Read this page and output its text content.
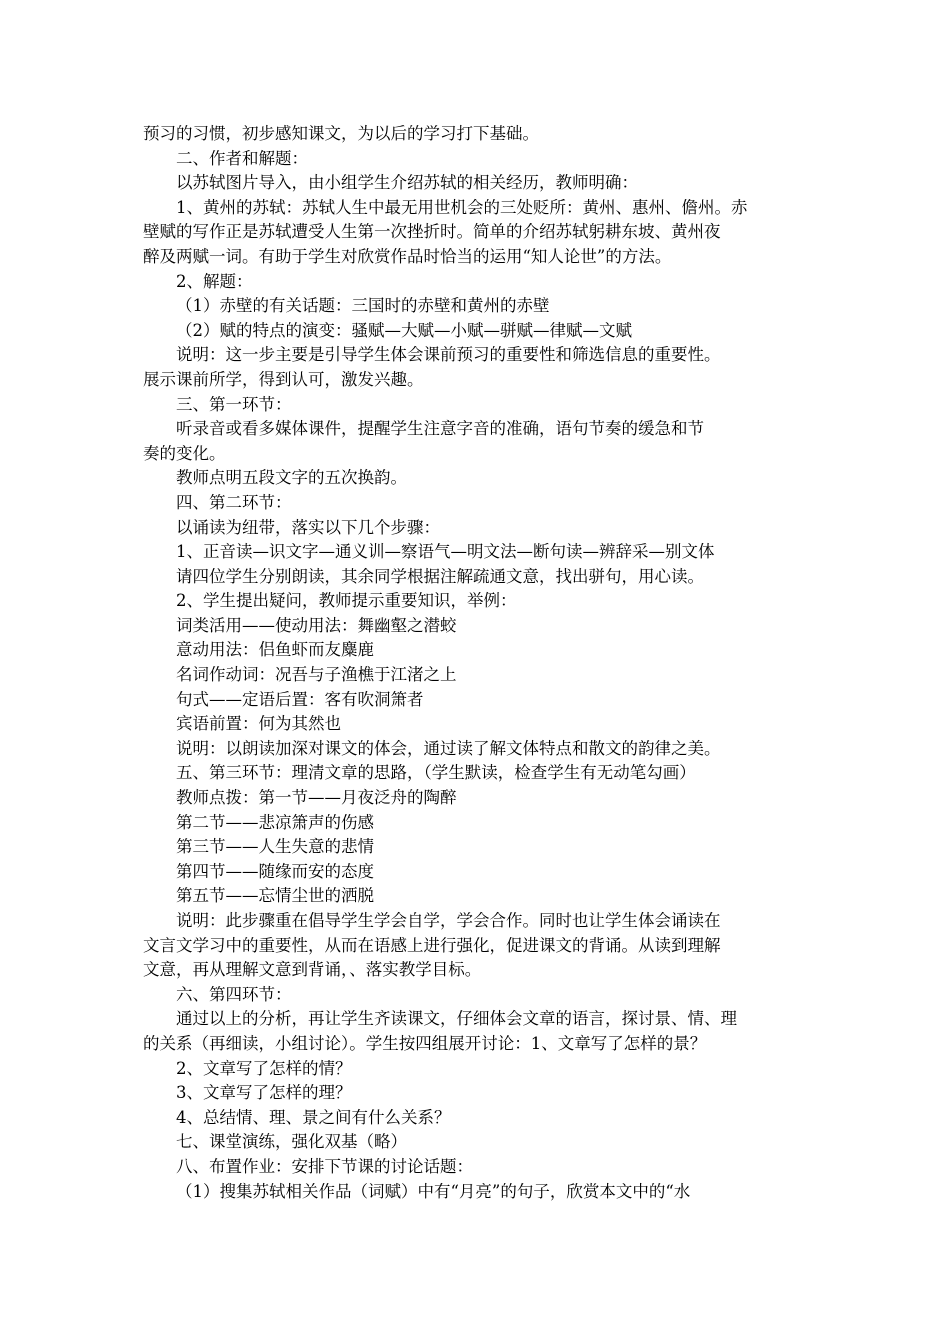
预习的习惯，初步感知课文，为以后的学习打下基础。
二、作者和解题：
以苏轼图片导入，由小组学生介绍苏轼的相关经历，教师明确：
1、黄州的苏轼：苏轼人生中最无用世机会的三处贬所：黄州、惠州、儋州。赤
壁赋的写作正是苏轼遭受人生第一次挫折时。简单的介绍苏轼躬耕东坡、黄州夜
醉及两赋一词。有助于学生对欣赏作品时恰当的运用“知人论世”的方法。
2、解题：
（1）赤壁的有关话题：三国时的赤壁和黄州的赤壁
（2）赋的特点的演变：骚赋—大赋—小赋—骈赋—律赋—文赋
说明：这一步主要是引导学生体会课前预习的重要性和筛选信息的重要性。
展示课前所学，得到认可，激发兴趣。
三、第一环节：
听录音或看多媒体课件，提醒学生注意字音的准确，语句节奏的缓急和节
奏的变化。
教师点明五段文字的五次换韵。
四、第二环节：
以诵读为纽带，落实以下几个步骤：
1、正音读—识文字—通义训—察语气—明文法—断句读—辨辞采—别文体
请四位学生分别朗读，其余同学根据注解疏通文意，找出骈句，用心读。
2、学生提出疑问，教师提示重要知识，举例：
词类活用——使动用法：舞幽壑之潜蛟
意动用法：侣鱼虾而友麋鹿
名词作动词：况吾与子渔樵于江渚之上
句式——定语后置：客有吹洞箫者
宾语前置：何为其然也
说明：以朗读加深对课文的体会，通过读了解文体特点和散文的韵律之美。
五、第三环节：理清文章的思路，（学生默读，检查学生有无动笔勾画）
教师点拨：第一节——月夜泛舟的陶醉
第二节——悲凉箫声的伤感
第三节——人生失意的悲情
第四节——随缘而安的态度
第五节——忘情尘世的洒脱
说明：此步骤重在倡导学生学会自学，学会合作。同时也让学生体会诵读在
文言文学习中的重要性，从而在语感上进行强化，促进课文的背诵。从读到理解
文意，再从理解文意到背诵，、落实教学目标。
六、第四环节：
通过以上的分析，再让学生齐读课文，仔细体会文章的语言，探讨景、情、理
的关系（再细读，小组讨论）。学生按四组展开讨论：1、文章写了怎样的景？
2、文章写了怎样的情？
3、文章写了怎样的理？
4、总结情、理、景之间有什么关系？
七、课堂演练，强化双基（略）
八、布置作业：安排下节课的讨论话题：
（1）搜集苏轼相关作品（词赋）中有“月亮”的句子，欣赏本文中的“水
